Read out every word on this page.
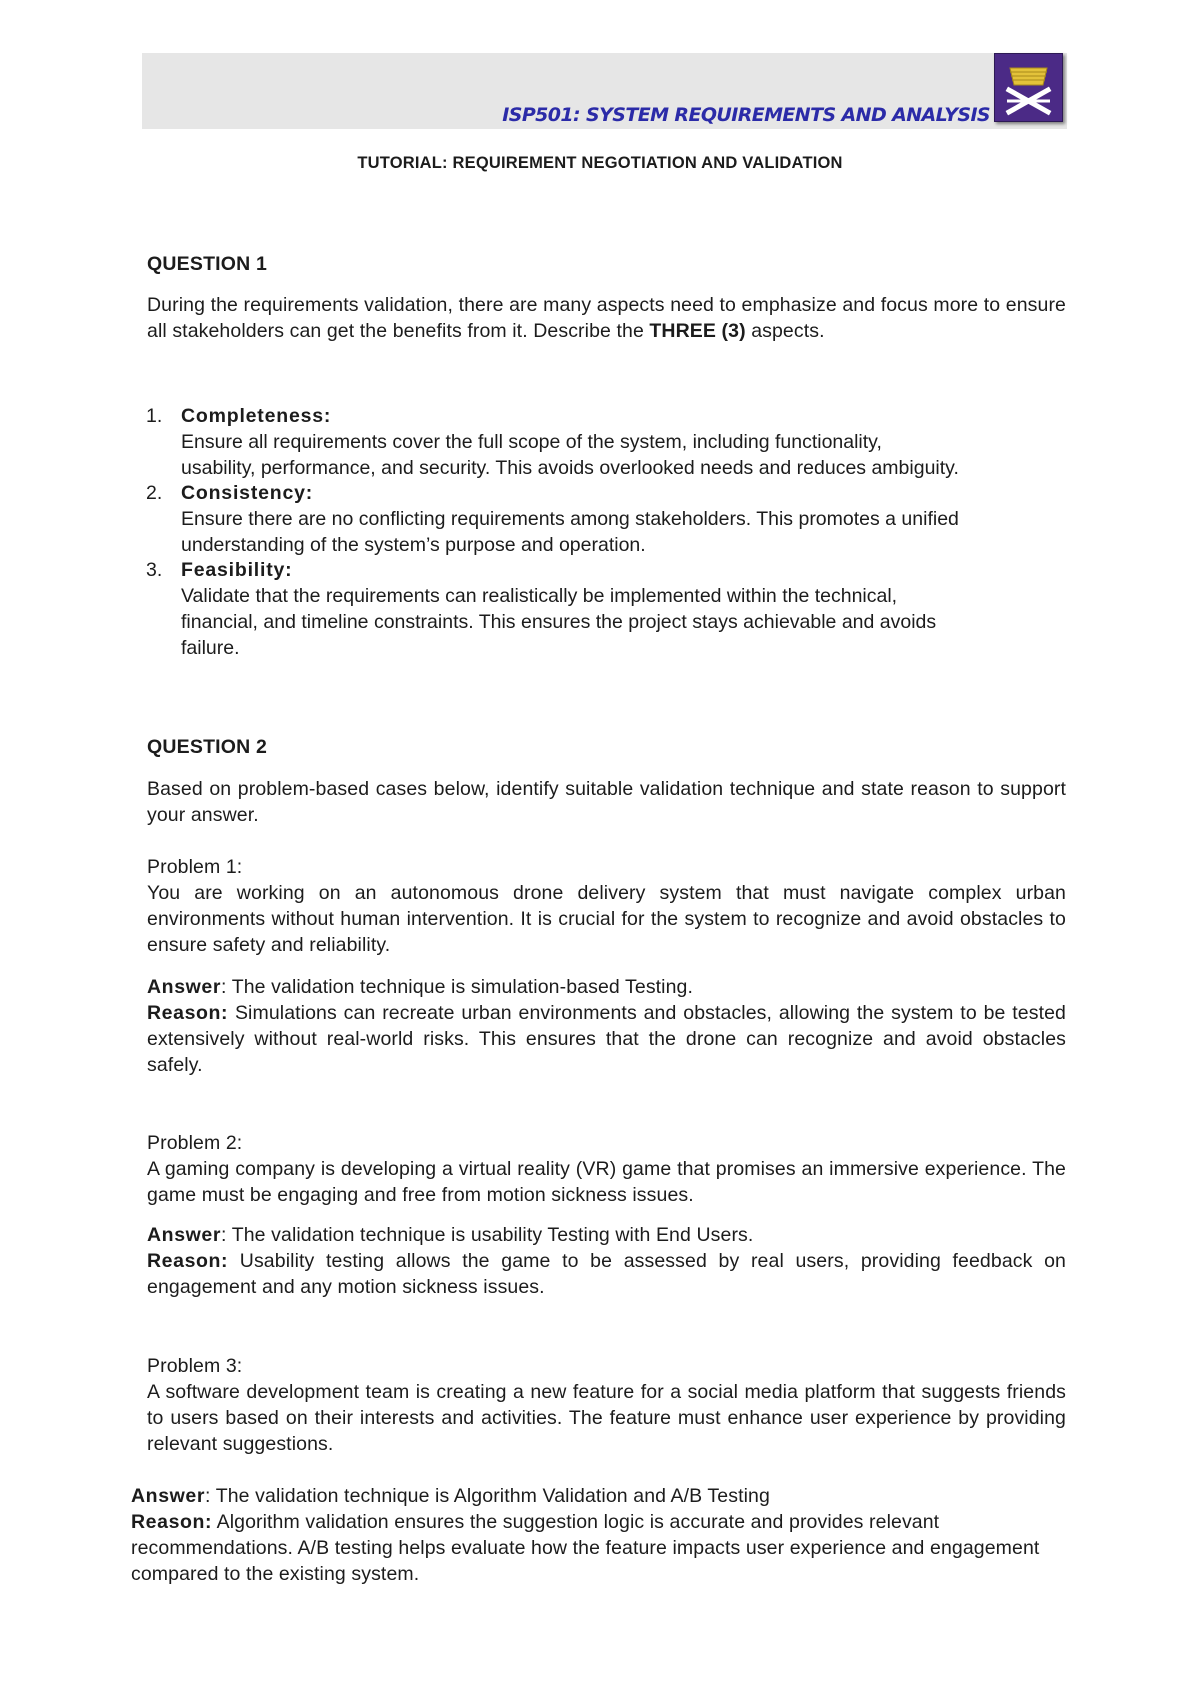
ISP501: SYSTEM REQUIREMENTS AND ANALYSIS
TUTORIAL: REQUIREMENT NEGOTIATION AND VALIDATION
QUESTION 1
During the requirements validation, there are many aspects need to emphasize and focus more to ensure all stakeholders can get the benefits from it. Describe the THREE (3) aspects.
1. Completeness:
Ensure all requirements cover the full scope of the system, including functionality,
usability, performance, and security. This avoids overlooked needs and reduces ambiguity.
2. Consistency:
Ensure there are no conflicting requirements among stakeholders. This promotes a unified
understanding of the system’s purpose and operation.
3. Feasibility:
Validate that the requirements can realistically be implemented within the technical,
financial, and timeline constraints. This ensures the project stays achievable and avoids
failure.
QUESTION 2
Based on problem-based cases below, identify suitable validation technique and state reason to support your answer.
Problem 1:
You are working on an autonomous drone delivery system that must navigate complex urban environments without human intervention. It is crucial for the system to recognize and avoid obstacles to ensure safety and reliability.
Answer: The validation technique is simulation-based Testing.
Reason: Simulations can recreate urban environments and obstacles, allowing the system to be tested extensively without real-world risks. This ensures that the drone can recognize and avoid obstacles safely.
Problem 2:
A gaming company is developing a virtual reality (VR) game that promises an immersive experience. The game must be engaging and free from motion sickness issues.
Answer: The validation technique is usability Testing with End Users.
Reason: Usability testing allows the game to be assessed by real users, providing feedback on engagement and any motion sickness issues.
Problem 3:
A software development team is creating a new feature for a social media platform that suggests friends to users based on their interests and activities. The feature must enhance user experience by providing relevant suggestions.
Answer: The validation technique is Algorithm Validation and A/B Testing
Reason: Algorithm validation ensures the suggestion logic is accurate and provides relevant recommendations. A/B testing helps evaluate how the feature impacts user experience and engagement compared to the existing system.
